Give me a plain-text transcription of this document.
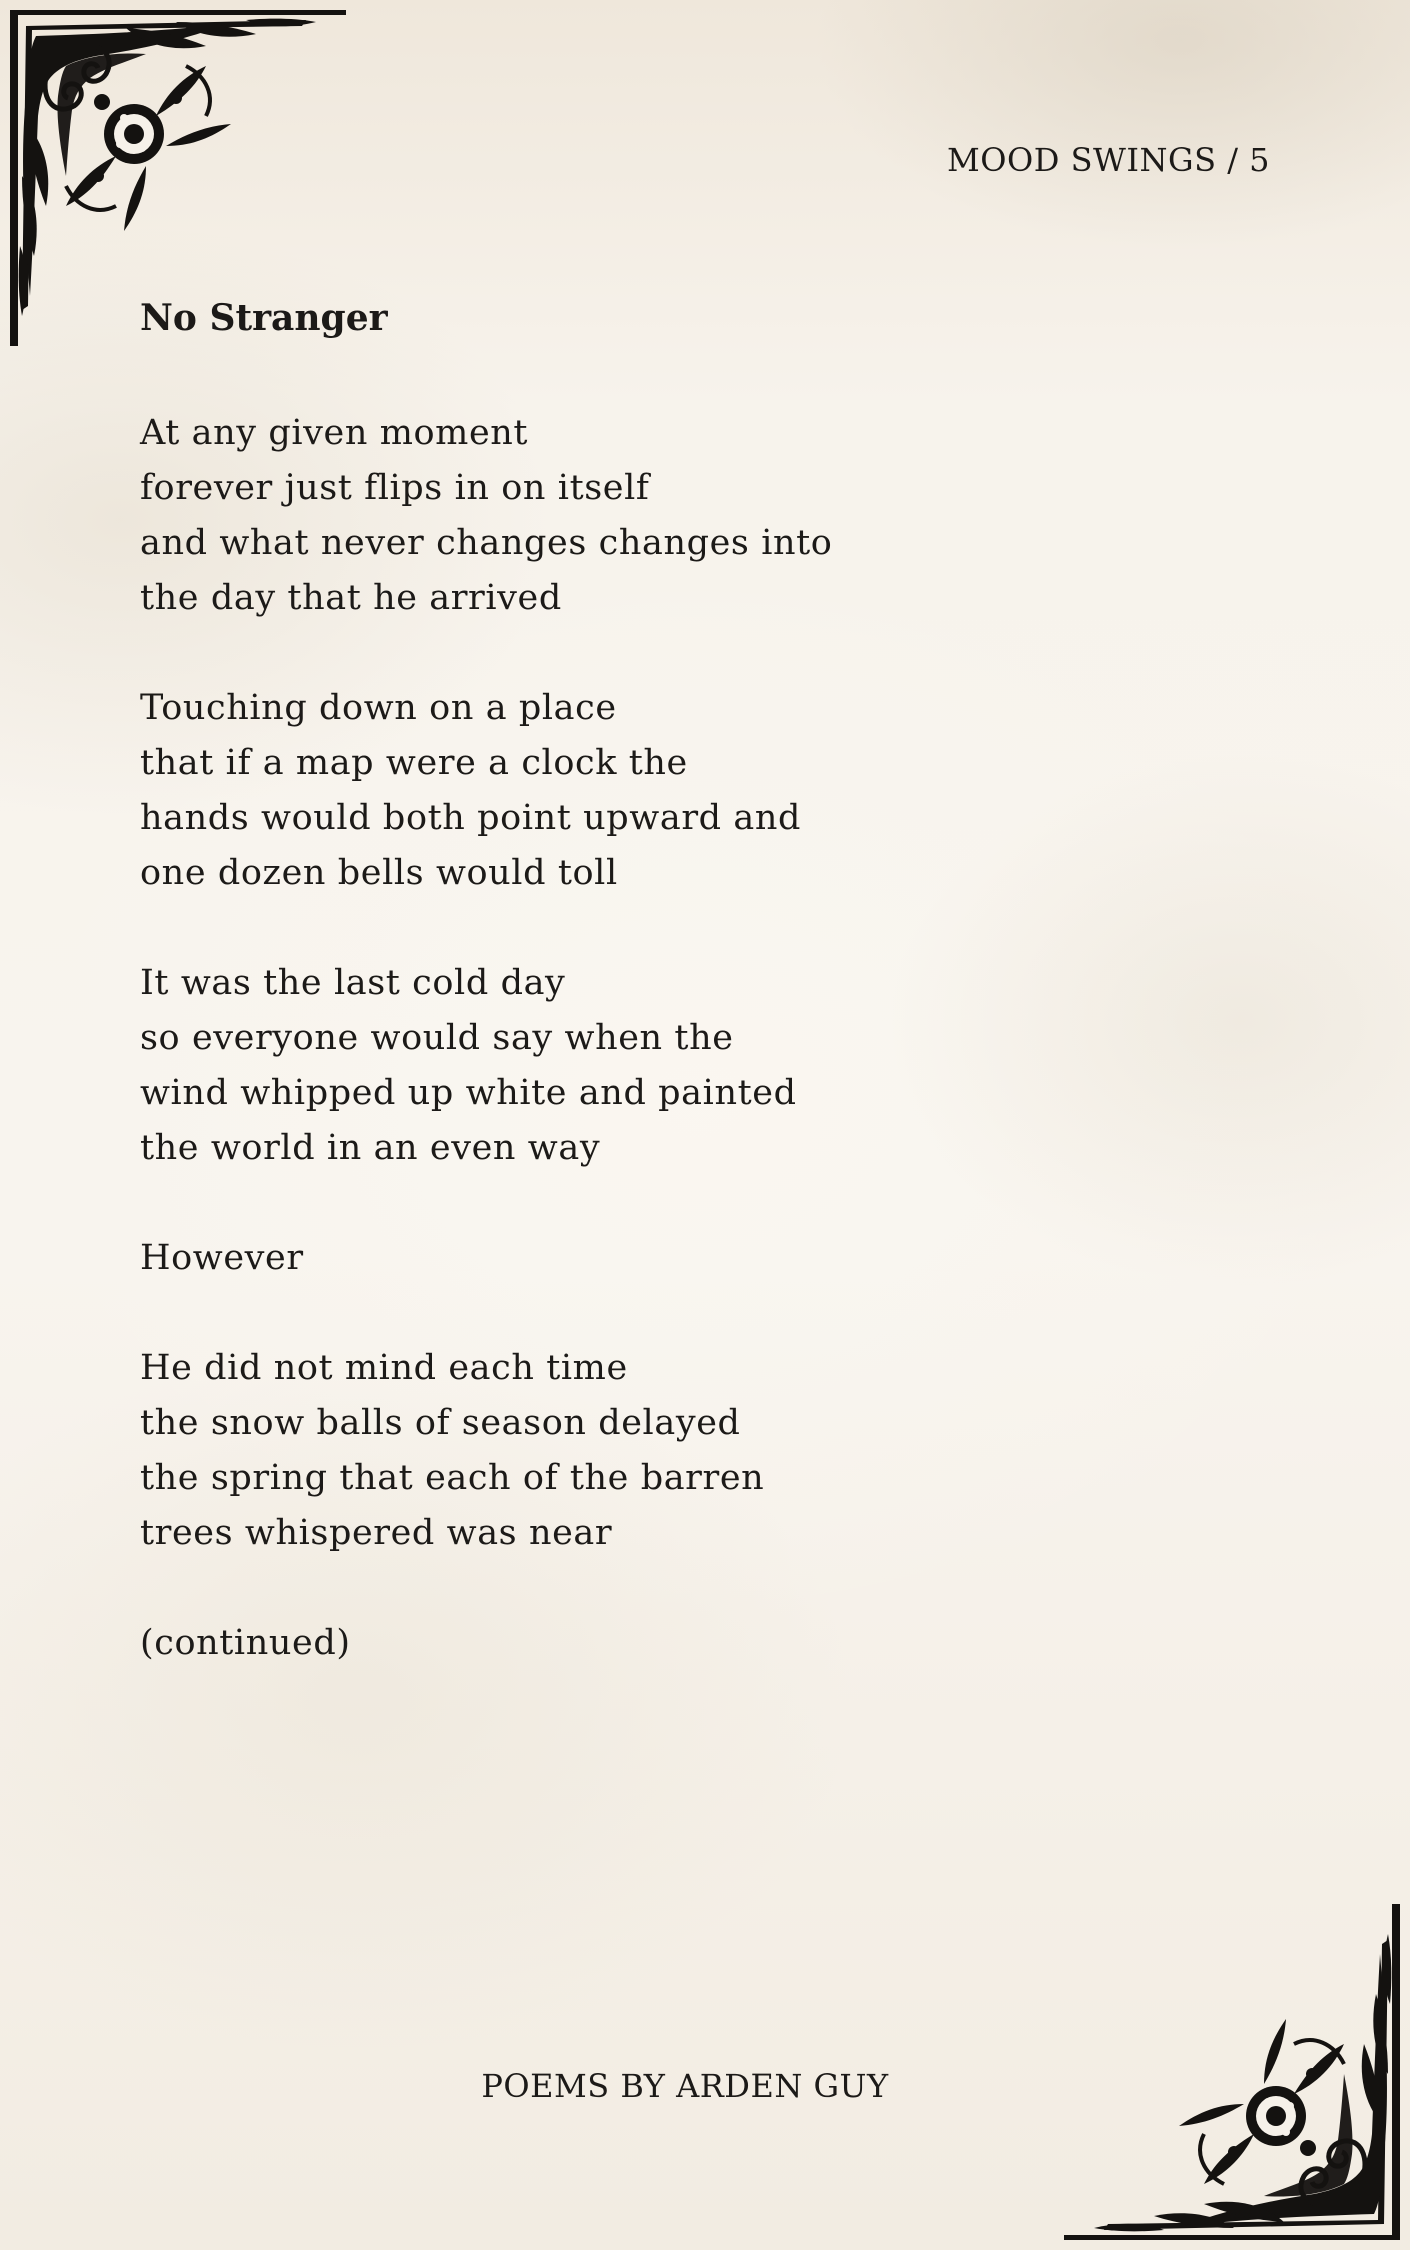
MOOD SWINGS / 5
No Stranger
At any given moment
forever just flips in on itself
and what never changes changes into
the day that he arrived
Touching down on a place
that if a map were a clock the
hands would both point upward and
one dozen bells would toll
It was the last cold day
so everyone would say when the
wind whipped up white and painted
the world in an even way
However
He did not mind each time
the snow balls of season delayed
the spring that each of the barren
trees whispered was near
(continued)
POEMS BY ARDEN GUY
